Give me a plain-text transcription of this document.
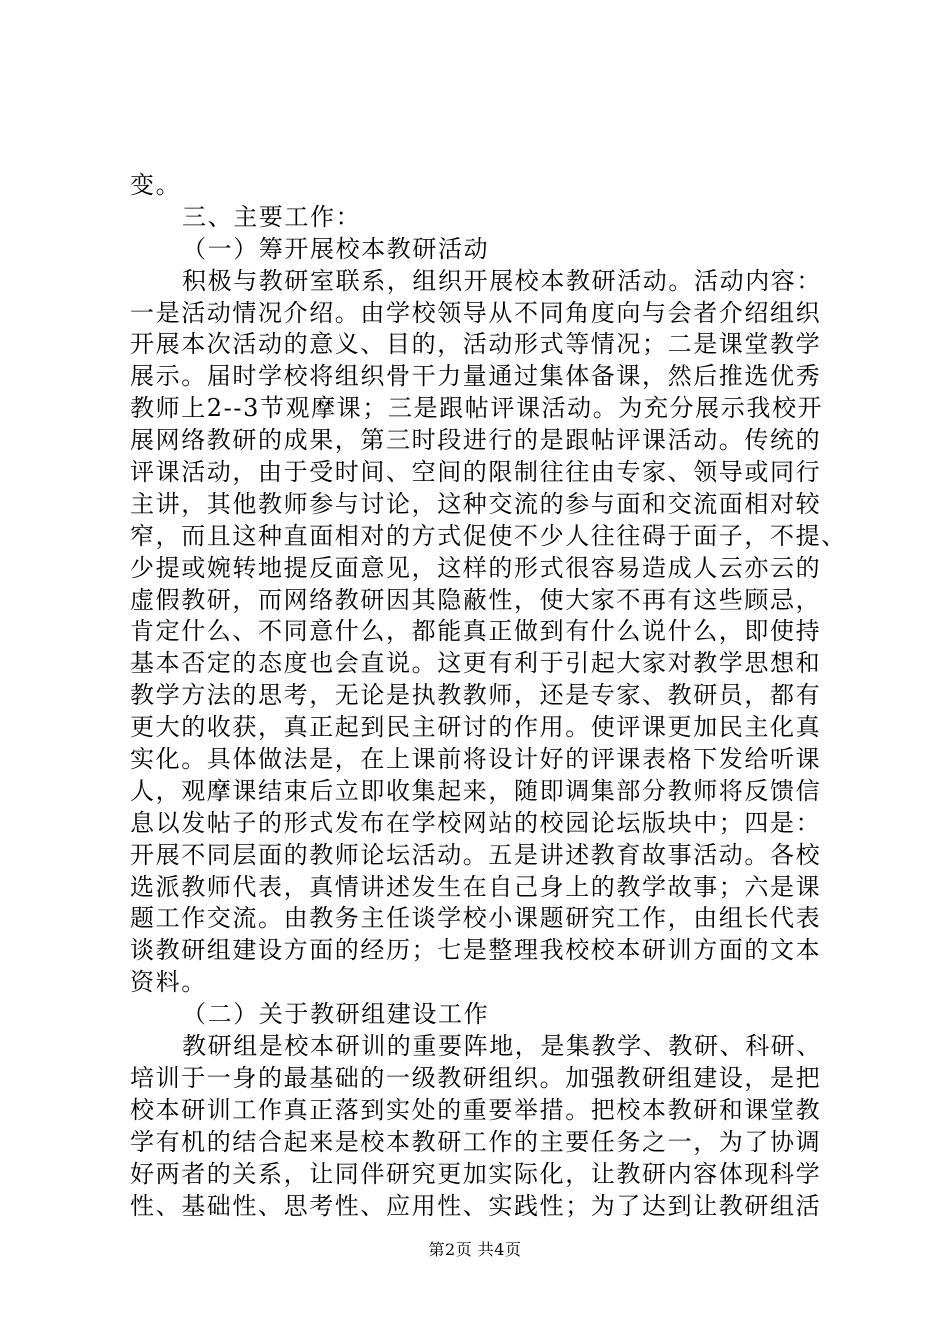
变。
三、主要工作：
（一）筹开展校本教研活动
积极与教研室联系，组织开展校本教研活动。活动内容：
一是活动情况介绍。由学校领导从不同角度向与会者介绍组织
开展本次活动的意义、目的，活动形式等情况；二是课堂教学
展示。届时学校将组织骨干力量通过集体备课，然后推选优秀
教师上2--3节观摩课；三是跟帖评课活动。为充分展示我校开
展网络教研的成果，第三时段进行的是跟帖评课活动。传统的
评课活动，由于受时间、空间的限制往往由专家、领导或同行
主讲，其他教师参与讨论，这种交流的参与面和交流面相对较
窄，而且这种直面相对的方式促使不少人往往碍于面子，不提、
少提或婉转地提反面意见，这样的形式很容易造成人云亦云的
虚假教研，而网络教研因其隐蔽性，使大家不再有这些顾忌，
肯定什么、不同意什么，都能真正做到有什么说什么，即使持
基本否定的态度也会直说。这更有利于引起大家对教学思想和
教学方法的思考，无论是执教教师，还是专家、教研员，都有
更大的收获，真正起到民主研讨的作用。使评课更加民主化真
实化。具体做法是，在上课前将设计好的评课表格下发给听课
人，观摩课结束后立即收集起来，随即调集部分教师将反馈信
息以发帖子的形式发布在学校网站的校园论坛版块中；四是：
开展不同层面的教师论坛活动。五是讲述教育故事活动。各校
选派教师代表，真情讲述发生在自己身上的教学故事；六是课
题工作交流。由教务主任谈学校小课题研究工作，由组长代表
谈教研组建设方面的经历；七是整理我校校本研训方面的文本
资料。
（二）关于教研组建设工作
教研组是校本研训的重要阵地，是集教学、教研、科研、
培训于一身的最基础的一级教研组织。加强教研组建设，是把
校本研训工作真正落到实处的重要举措。把校本教研和课堂教
学有机的结合起来是校本教研工作的主要任务之一，为了协调
好两者的关系，让同伴研究更加实际化，让教研内容体现科学
性、基础性、思考性、应用性、实践性；为了达到让教研组活
第2页 共4页
